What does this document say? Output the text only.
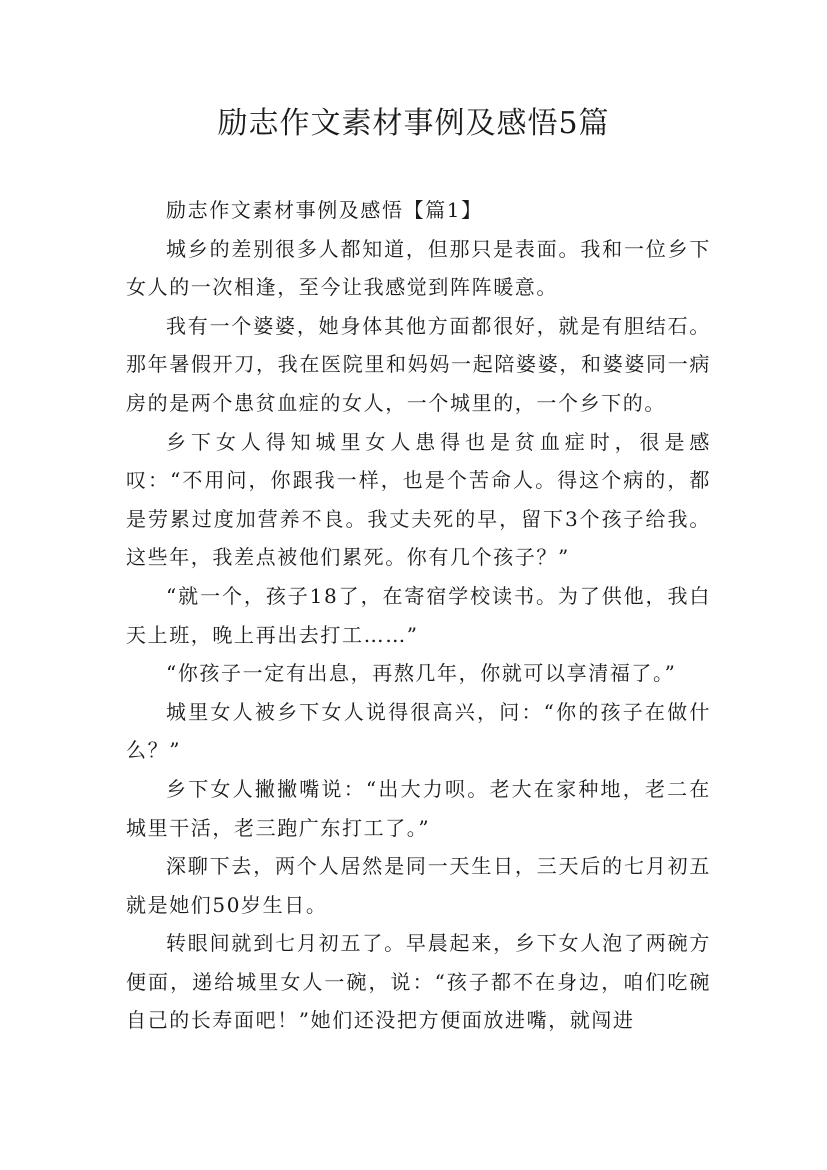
励志作文素材事例及感悟5篇

励志作文素材事例及感悟【篇1】

城乡的差别很多人都知道，但那只是表面。我和一位乡下女人的一次相逢，至今让我感觉到阵阵暖意。

我有一个婆婆，她身体其他方面都很好，就是有胆结石。那年暑假开刀，我在医院里和妈妈一起陪婆婆，和婆婆同一病房的是两个患贫血症的女人，一个城里的，一个乡下的。

乡下女人得知城里女人患得也是贫血症时，很是感叹：“不用问，你跟我一样，也是个苦命人。得这个病的，都是劳累过度加营养不良。我丈夫死的早，留下3个孩子给我。这些年，我差点被他们累死。你有几个孩子？”

“就一个，孩子18了，在寄宿学校读书。为了供他，我白天上班，晚上再出去打工……”

“你孩子一定有出息，再熬几年，你就可以享清福了。”

城里女人被乡下女人说得很高兴，问：“你的孩子在做什么？”

乡下女人撇撇嘴说：“出大力呗。老大在家种地，老二在城里干活，老三跑广东打工了。”

深聊下去，两个人居然是同一天生日，三天后的七月初五就是她们50岁生日。

转眼间就到七月初五了。早晨起来，乡下女人泡了两碗方便面，递给城里女人一碗，说：“孩子都不在身边，咱们吃碗自己的长寿面吧！”她们还没把方便面放进嘴，就闯进
